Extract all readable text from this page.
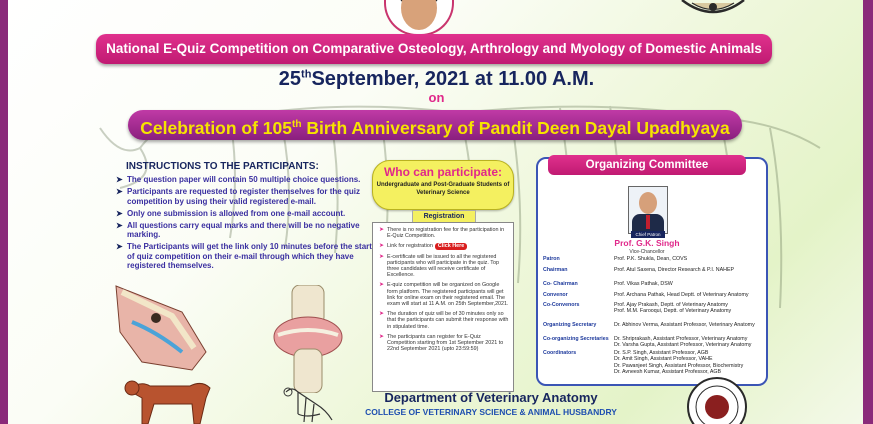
National E-Quiz Competition on Comparative Osteology, Arthrology and Myology of Domestic Animals
25thSeptember, 2021 at 11.00 A.M.
on
Celebration of 105th Birth Anniversary of Pandit Deen Dayal Upadhyaya
INSTRUCTIONS TO THE PARTICIPANTS:
➤ The question paper will contain 50 multiple choice questions.
➤ Participants are requested to register themselves for the quiz competition by using their valid registered e-mail.
➤ Only one submission is allowed from one e-mail account.
➤ All questions carry equal marks and there will be no negative marking.
➤ The Participants will get the link only 10 minutes before the start of quiz competition on their e-mail through which they have registered themselves.
Who can participate:
Undergraduate and Post-Graduate Students of Veterinary Science
Registration
➤ There is no registration fee for the participation in E-Quiz Competition.
➤ Link for registration Click Here
➤ E-certificate will be issued to all the registered participants who will participate in the quiz. Top three candidates will receive certificate of Excellence.
➤ E-quiz competition will be organized on Google form platform. The registered participants will get link for online exam on their registered email. The exam will start at 11 A.M. on 25th September,2021.
➤ The duration of quiz will be of 30 minutes only so that the participants can submit their response with in stipulated time.
➤ The participants can register for E-Quiz Competition starting from 1st September 2021 to 22nd September 2021 (upto 23:59:59)
Organizing Committee
Chief Patron
Prof. G.K. Singh
Vice-Chancellor
Patron	Prof. P.K. Shukla, Dean, COVS
Chairman	Prof. Atul Saxena, Director Research & P.I. NAHEP
Co- Chairman	Prof. Vikas Pathak, DSW
Convenor	Prof. Archana Pathak, Head Deptt. of Veterinary Anatomy
Co-Convenors	Prof. Ajay Prakash, Deptt. of Veterinary Anatomy
Prof. M.M. Farooqui, Deptt. of Veterinary Anatomy
Organizing Secretary	Dr. Abhinov Verma, Assistant Professor, Veterinary Anatomy
Co-organizing Secretaries	Dr. Shriprakash, Assistant Professor, Veterinary Anatomy
Dr. Varsha Gupta, Assistant Professor, Veterinary Anatomy
Coordinators	Dr. S.P. Singh, Assistant Professor, AGB
Dr. Amit Singh, Assistant Professor, VAHE
Dr. Pawanjeet Singh, Assistant Professor, Biochemistry
Dr. Avneesh Kumar, Assistant Professor, AGB
Department of Veterinary Anatomy
COLLEGE OF VETERINARY SCIENCE & ANIMAL HUSBANDRY
